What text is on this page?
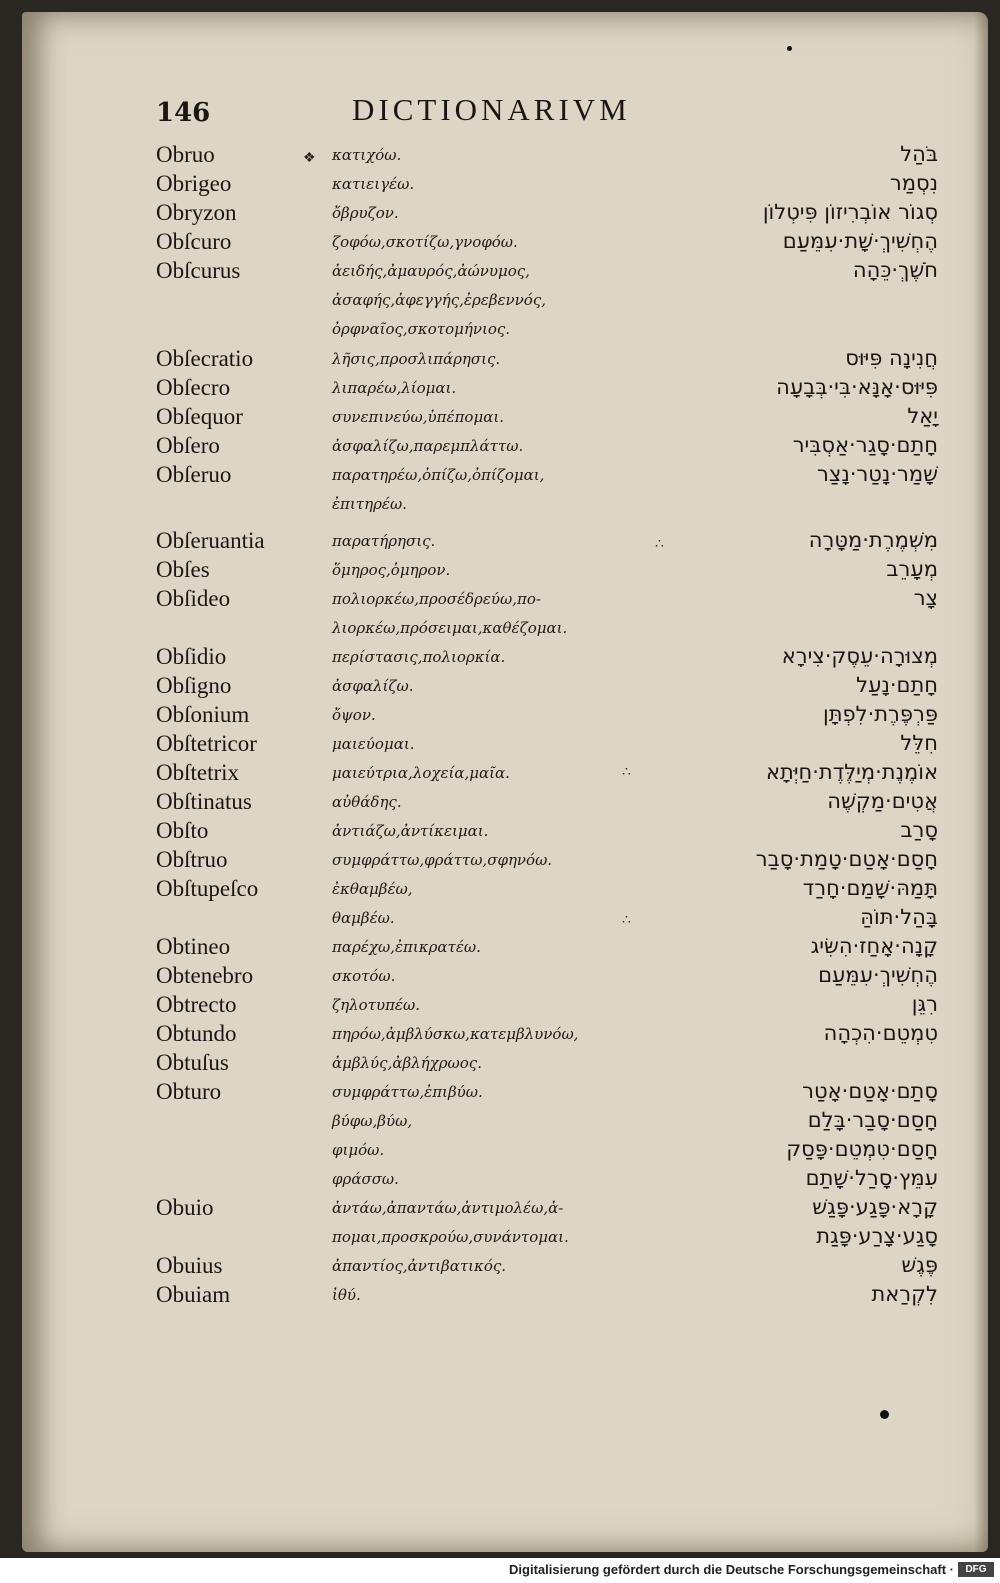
146	DICTIONARIVM
Obruo	κατιχόω.	בֹּהַל
Obrigeo	κατιειγέω.	נִסְמַר
Obryzon	ὄβρυζον.	סְגוֹר אוֹבְרִיזוֹן פִּיטְלוֹן
Obſcuro	ζοφόω,σκοτίζω,γνοφόω.	הֶחְשִׁיךְ·שָׁת·עִמֵּעַם
Obſcurus	ἀειδής,ἀμαυρός,ἀώνυμος,	חֹשֶׁךְ·כֵּהָה
ἀσαφής,ἀφεγγής,ἐρεβεννός,
ὀρφναῖος,σκοτομήνιος.
Obſecratio	λῆσις,προσλιπάρησις.	חֲנִינָה פִּיּוּס
Obſecro	λιπαρέω,λίομαι.	פִּיּוּס·אָנָּא·בִּי·בְּבָעָה
Obſequor	συνεπινεύω,ὑπέπομαι.	יָאַל
Obſero	ἀσφαλίζω,παρεμπλάττω.	חָתַם·סָגַר·אַסְבִּיר
Obſeruo	παρατηρέω,ὀπίζω,ὀπίζομαι,	שָׁמַר·נָטַר·נָצַר
ἐπιτηρέω.
Obſeruantia	παρατήρησις.	מִשְׁמֶרֶת·מַטָּרָה
Obſes	ὅμηρος,ὁμηρον.	מְעָרֵב
Obſideo	πολιορκέω,προσέδρεύω,πο-	צָר
λιορκέω,πρόσειμαι,καθέζομαι.
Obſidio	περίστασις,πολιορκία.	מְצוּרָה·עֵסֶק·צִירָא
Obſigno	ἀσφαλίζω.	חָתַם·נָעַל
Obſonium	ὄψον.	פַּרְפֶּרֶת·לִפְתָּן
Obſtetricor	μαιεύομαι.	חִלֵּל
Obſtetrix	μαιεύτρια,λοχεία,μαῖα.	אוֹמֶנֶת·מְיַלֶּדֶת·חַיְּתָא
Obſtinatus	αὐθάδης.	אֲטִים·מַקְשֶׁה
Obſto	ἀντιάζω,ἀντίκειμαι.	סָרַב
Obſtruo	συμφράττω,φράττω,σφηνόω.	חָסַם·אָטַם·טָמַת·סָבַר
Obſtupeſco	ἐκθαμβέω,	תָּמַהּ·שָׁמַם·חָרַד
θαμβέω.	בָּהַל·תּוֹהַּ
Obtineo	παρέχω,ἐπικρατέω.	קָנָה·אָחַז·הִשִּׂיג
Obtenebro	σκοτόω.	הֶחְשִׁיךְ·עִמֵּעַם
Obtrecto	ζηλοτυπέω.	רִגֵּן
Obtundo	πηρόω,ἀμβλύσκω,κατεμβλυνόω,	טִמְטֵם·הִכְהָה
Obtuſus	ἀμβλύς,ἀβλήχρωος.
Obturo	συμφράττω,ἐπιβύω.	סָתַם·אָטַם·אָטַר
βύφω,βύω,	חָסַם·סָבַר·בָּלַם
φιμόω.	חָסַם·טִמְטֵם·פָּסַק
φράσσω.	עִמֵּץ·סָרַל·שָׁתַם
Obuio	ἀντάω,ἀπαντάω,ἀντιμολέω,ἀ-	קָרָא·פָּגַע·פָּגַשׁ
πομαι,προσκρούω,συνάντομαι.	סָגַע·צָרַע·פָּגַת
Obuius	ἀπαντίος,ἀντιβατικός.	פֶּגֶשׁ
Obuiam	ἰθύ.	לִקְרַאת
❖
∴
∴
∴
Digitalisierung gefördert durch die Deutsche Forschungsgemeinschaft ·	DFG
